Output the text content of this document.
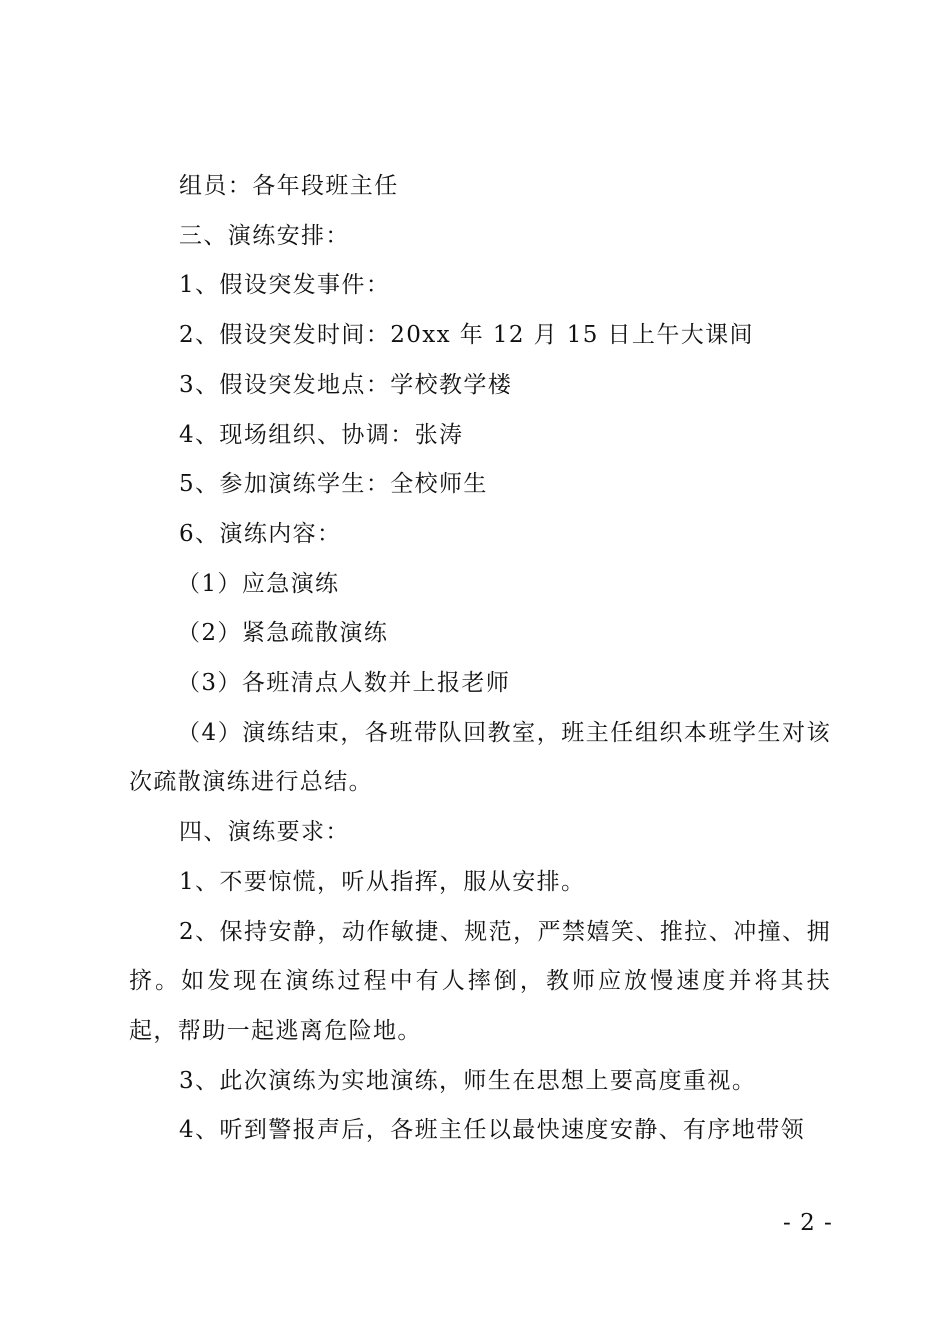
组员：各年段班主任

三、演练安排：

1、假设突发事件：

2、假设突发时间：20xx 年 12 月 15 日上午大课间

3、假设突发地点：学校教学楼

4、现场组织、协调：张涛

5、参加演练学生：全校师生

6、演练内容：

（1）应急演练

（2）紧急疏散演练

（3）各班清点人数并上报老师

（4）演练结束，各班带队回教室，班主任组织本班学生对该次疏散演练进行总结。

四、演练要求：

1、不要惊慌，听从指挥，服从安排。

2、保持安静，动作敏捷、规范，严禁嬉笑、推拉、冲撞、拥挤。如发现在演练过程中有人摔倒，教师应放慢速度并将其扶起，帮助一起逃离危险地。

3、此次演练为实地演练，师生在思想上要高度重视。

4、听到警报声后，各班主任以最快速度安静、有序地带领

- 2 -
